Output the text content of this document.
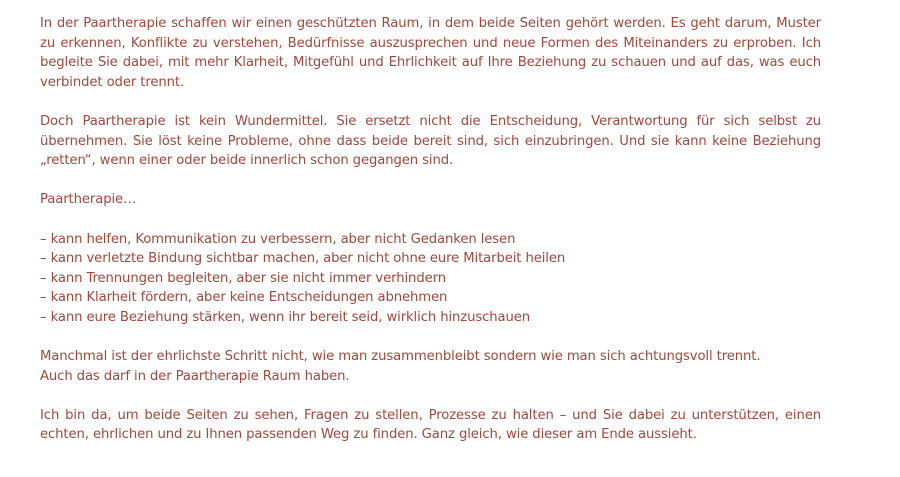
In der Paartherapie schaffen wir einen geschützten Raum, in dem beide Seiten gehört werden. Es geht darum, Muster zu erkennen, Konflikte zu verstehen, Bedürfnisse auszusprechen und neue Formen des Miteinanders zu erproben. Ich begleite Sie dabei, mit mehr Klarheit, Mitgefühl und Ehrlichkeit auf Ihre Beziehung zu schauen und auf das, was euch verbindet oder trennt.

Doch Paartherapie ist kein Wundermittel. Sie ersetzt nicht die Entscheidung, Verantwortung für sich selbst zu übernehmen. Sie löst keine Probleme, ohne dass beide bereit sind, sich einzubringen. Und sie kann keine Beziehung „retten“, wenn einer oder beide innerlich schon gegangen sind.

Paartherapie…

– kann helfen, Kommunikation zu verbessern, aber nicht Gedanken lesen
– kann verletzte Bindung sichtbar machen, aber nicht ohne eure Mitarbeit heilen
– kann Trennungen begleiten, aber sie nicht immer verhindern
– kann Klarheit fördern, aber keine Entscheidungen abnehmen
– kann eure Beziehung stärken, wenn ihr bereit seid, wirklich hinzuschauen

Manchmal ist der ehrlichste Schritt nicht, wie man zusammenbleibt sondern wie man sich achtungsvoll trennt.
Auch das darf in der Paartherapie Raum haben.

Ich bin da, um beide Seiten zu sehen, Fragen zu stellen, Prozesse zu halten – und Sie dabei zu unterstützen, einen echten, ehrlichen und zu Ihnen passenden Weg zu finden. Ganz gleich, wie dieser am Ende aussieht.
